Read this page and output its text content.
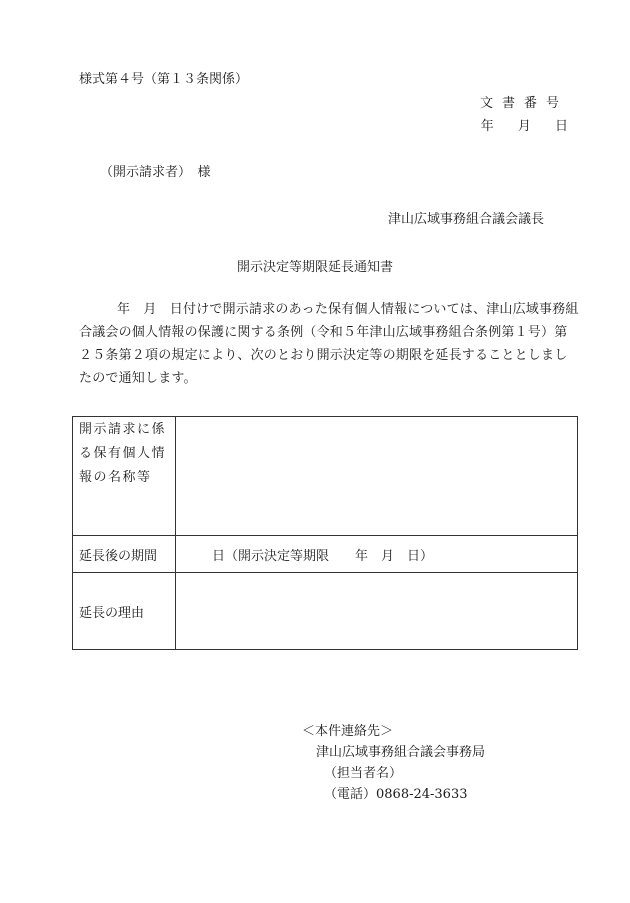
様式第４号（第１３条関係）
文書番号
年 月 日
（開示請求者）　様
津山広域事務組合議会議長
開示決定等期限延長通知書
年　月　日付けで開示請求のあった保有個人情報については、津山広域事務組合議会の個人情報の保護に関する条例（令和５年津山広域事務組合条例第１号）第２５条第２項の規定により、次のとおり開示決定等の期限を延長することとしましたので通知します。
開示請求に係る保有個人情報の名称等	
延長後の期間	日（開示決定等期限　　年　月　日）
延長の理由	
＜本件連絡先＞
津山広域事務組合議会事務局
（担当者名）
（電話）0868-24-3633
